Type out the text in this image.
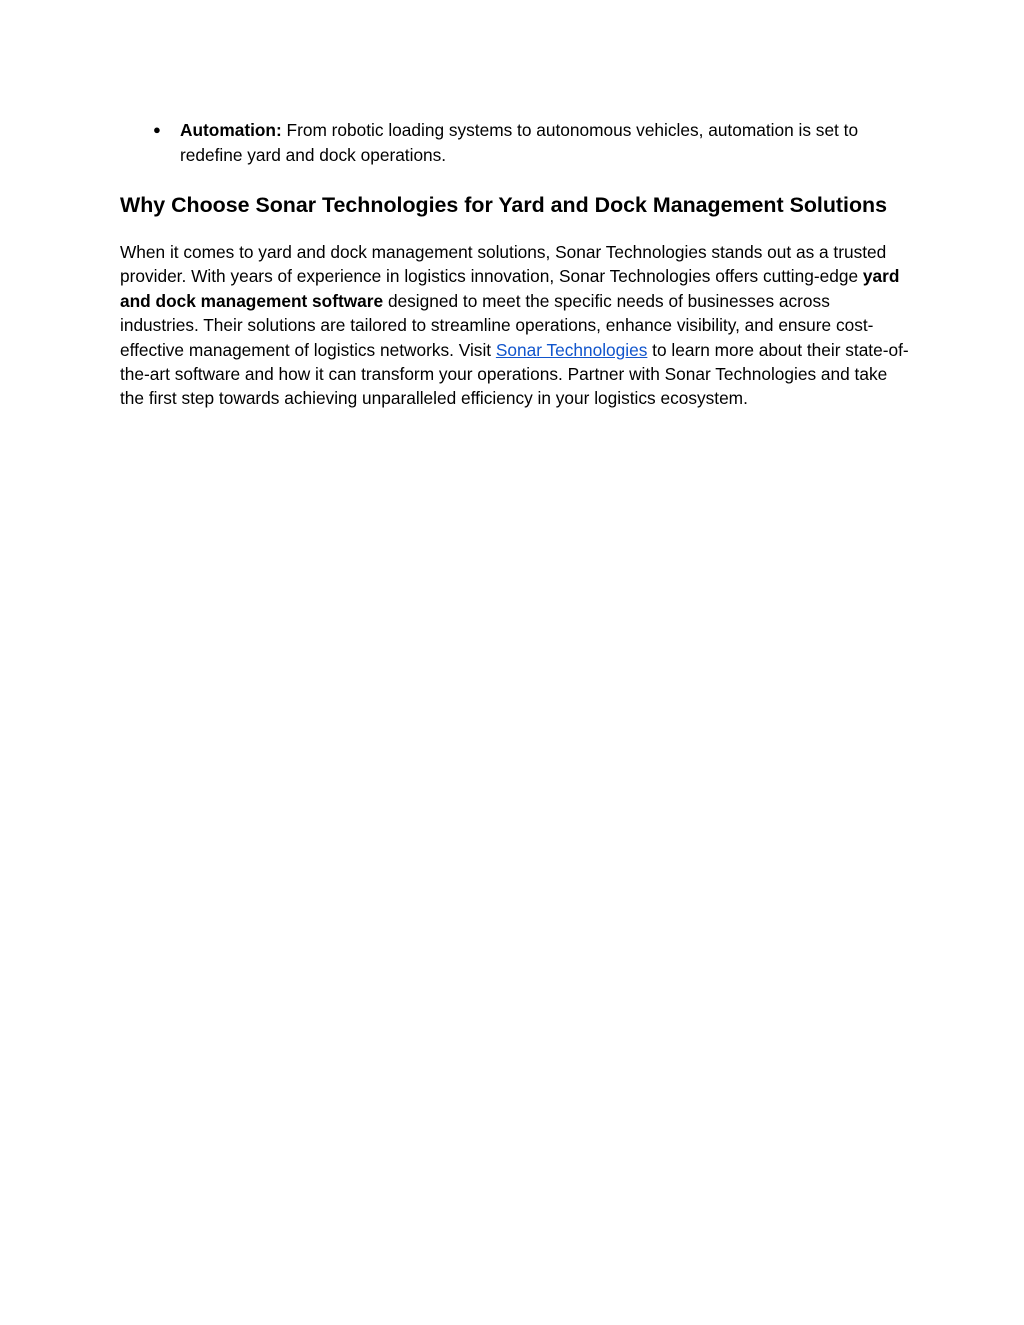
● Automation: From robotic loading systems to autonomous vehicles, automation is set to redefine yard and dock operations.
Why Choose Sonar Technologies for Yard and Dock Management Solutions

When it comes to yard and dock management solutions, Sonar Technologies stands out as a trusted provider. With years of experience in logistics innovation, Sonar Technologies offers cutting-edge yard and dock management software designed to meet the specific needs of businesses across industries. Their solutions are tailored to streamline operations, enhance visibility, and ensure cost-effective management of logistics networks. Visit Sonar Technologies to learn more about their state-of-the-art software and how it can transform your operations. Partner with Sonar Technologies and take the first step towards achieving unparalleled efficiency in your logistics ecosystem.
